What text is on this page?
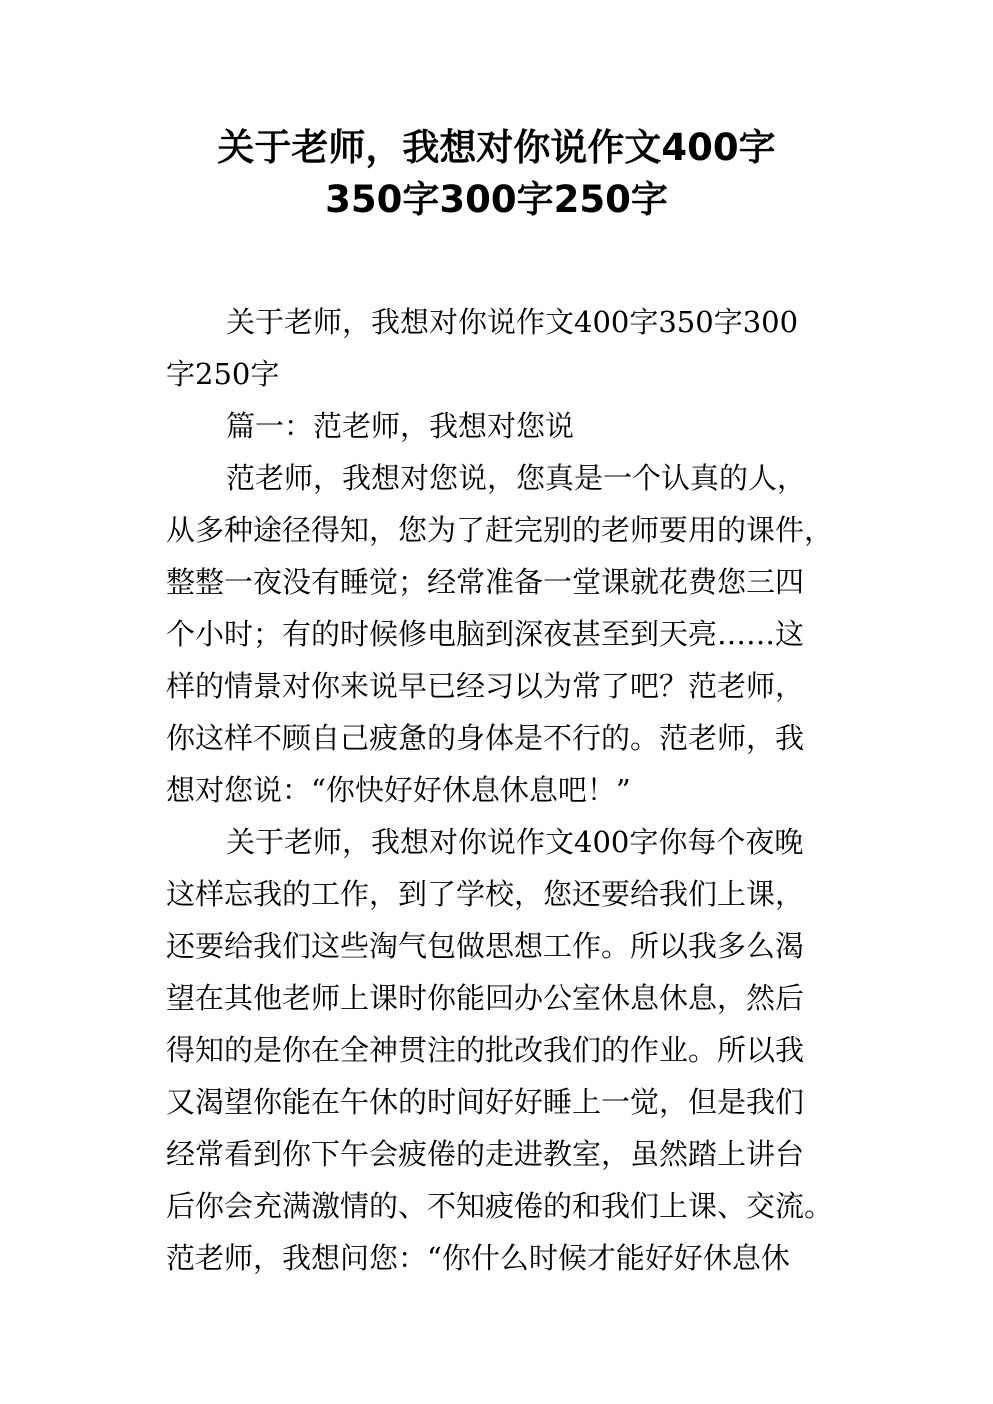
关于老师，我想对你说作文400字
350字300字250字
关于老师，我想对你说作文400字350字300
字250字
篇一：范老师，我想对您说
范老师，我想对您说，您真是一个认真的人，
从多种途径得知，您为了赶完别的老师要用的课件，
整整一夜没有睡觉；经常准备一堂课就花费您三四
个小时；有的时候修电脑到深夜甚至到天亮……这
样的情景对你来说早已经习以为常了吧？范老师，
你这样不顾自己疲惫的身体是不行的。范老师，我
想对您说：“你快好好休息休息吧！”
关于老师，我想对你说作文400字你每个夜晚
这样忘我的工作，到了学校，您还要给我们上课，
还要给我们这些淘气包做思想工作。所以我多么渴
望在其他老师上课时你能回办公室休息休息，然后
得知的是你在全神贯注的批改我们的作业。所以我
又渴望你能在午休的时间好好睡上一觉，但是我们
经常看到你下午会疲倦的走进教室，虽然踏上讲台
后你会充满激情的、不知疲倦的和我们上课、交流。
范老师，我想问您：“你什么时候才能好好休息休
